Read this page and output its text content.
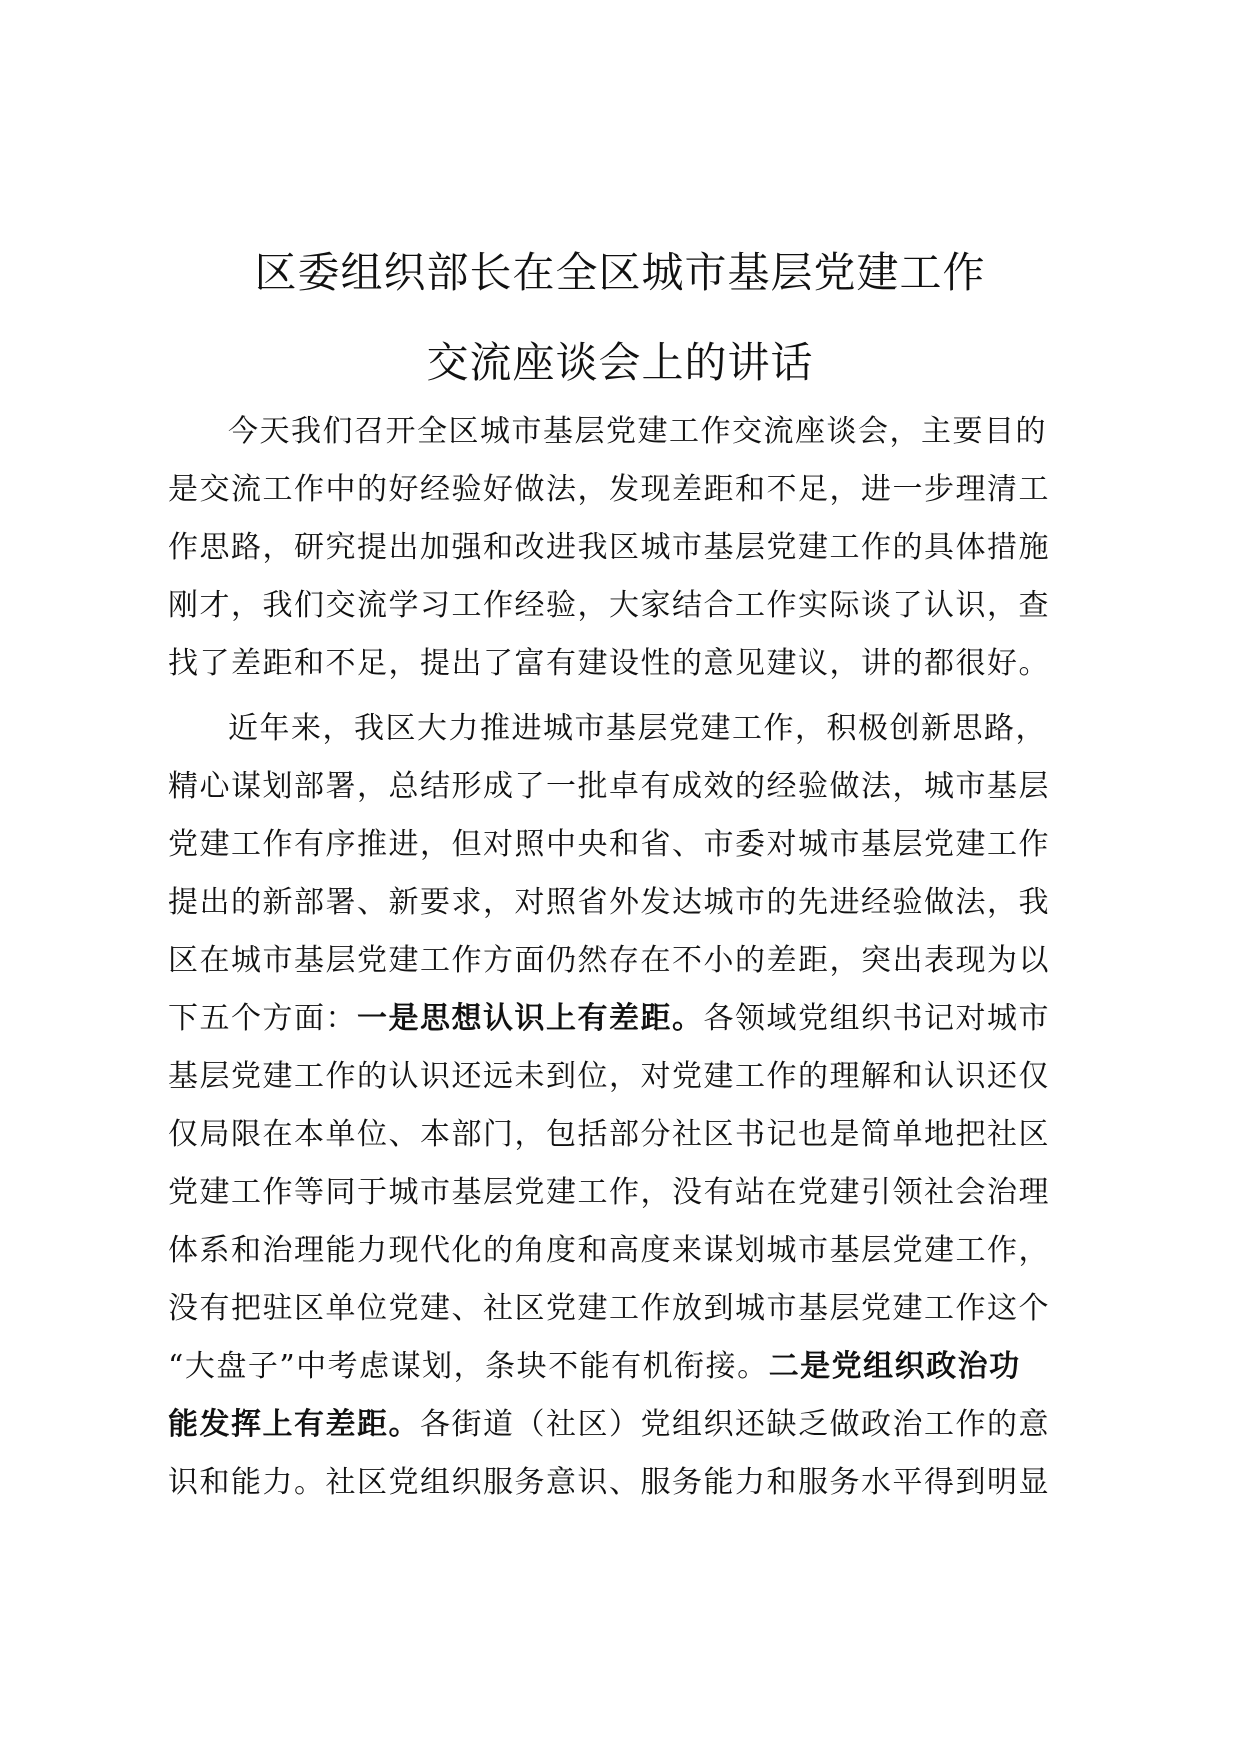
区委组织部长在全区城市基层党建工作
交流座谈会上的讲话
今天我们召开全区城市基层党建工作交流座谈会，主要目的
是交流工作中的好经验好做法，发现差距和不足，进一步理清工
作思路，研究提出加强和改进我区城市基层党建工作的具体措施
刚才，我们交流学习工作经验，大家结合工作实际谈了认识，查
找了差距和不足，提出了富有建设性的意见建议，讲的都很好。
近年来，我区大力推进城市基层党建工作，积极创新思路，
精心谋划部署，总结形成了一批卓有成效的经验做法，城市基层
党建工作有序推进，但对照中央和省、市委对城市基层党建工作
提出的新部署、新要求，对照省外发达城市的先进经验做法，我
区在城市基层党建工作方面仍然存在不小的差距，突出表现为以
下五个方面：一是思想认识上有差距。各领域党组织书记对城市
基层党建工作的认识还远未到位，对党建工作的理解和认识还仅
仅局限在本单位、本部门，包括部分社区书记也是简单地把社区
党建工作等同于城市基层党建工作，没有站在党建引领社会治理
体系和治理能力现代化的角度和高度来谋划城市基层党建工作，
没有把驻区单位党建、社区党建工作放到城市基层党建工作这个
“大盘子”中考虑谋划，条块不能有机衔接。二是党组织政治功
能发挥上有差距。各街道（社区）党组织还缺乏做政治工作的意
识和能力。社区党组织服务意识、服务能力和服务水平得到明显
